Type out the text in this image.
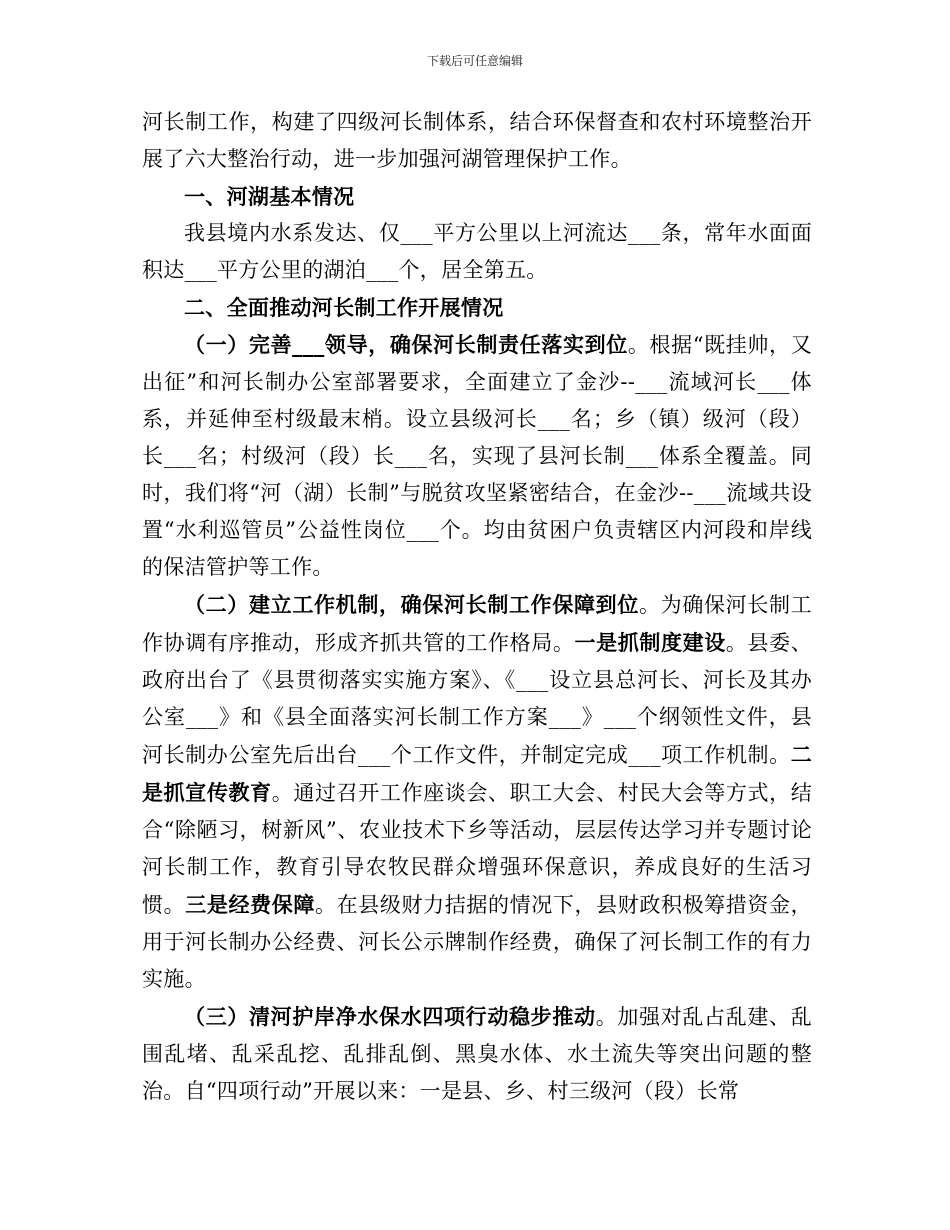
下载后可任意编辑

河长制工作，构建了四级河长制体系，结合环保督查和农村环境整治开展了六大整治行动，进一步加强河湖管理保护工作。

一、河湖基本情况

我县境内水系发达、仅___平方公里以上河流达___条，常年水面面积达___平方公里的湖泊___个，居全第五。

二、全面推动河长制工作开展情况

（一）完善___领导，确保河长制责任落实到位。根据“既挂帅，又出征”和河长制办公室部署要求，全面建立了金沙--___流域河长___体系，并延伸至村级最末梢。设立县级河长___名；乡（镇）级河（段）长___名；村级河（段）长___名，实现了县河长制___体系全覆盖。同时，我们将“河（湖）长制”与脱贫攻坚紧密结合，在金沙--___流域共设置“水利巡管员”公益性岗位___个。均由贫困户负责辖区内河段和岸线的保洁管护等工作。

（二）建立工作机制，确保河长制工作保障到位。为确保河长制工作协调有序推动，形成齐抓共管的工作格局。一是抓制度建设。县委、政府出台了《县贯彻落实实施方案》、《___设立县总河长、河长及其办公室___》和《县全面落实河长制工作方案___》___个纲领性文件，县河长制办公室先后出台___个工作文件，并制定完成___项工作机制。二是抓宣传教育。通过召开工作座谈会、职工大会、村民大会等方式，结合“除陋习，树新风”、农业技术下乡等活动，层层传达学习并专题讨论河长制工作，教育引导农牧民群众增强环保意识，养成良好的生活习惯。三是经费保障。在县级财力拮据的情况下，县财政积极筹措资金，用于河长制办公经费、河长公示牌制作经费，确保了河长制工作的有力实施。

（三）清河护岸净水保水四项行动稳步推动。加强对乱占乱建、乱围乱堵、乱采乱挖、乱排乱倒、黑臭水体、水土流失等突出问题的整治。自“四项行动”开展以来：一是县、乡、村三级河（段）长常
